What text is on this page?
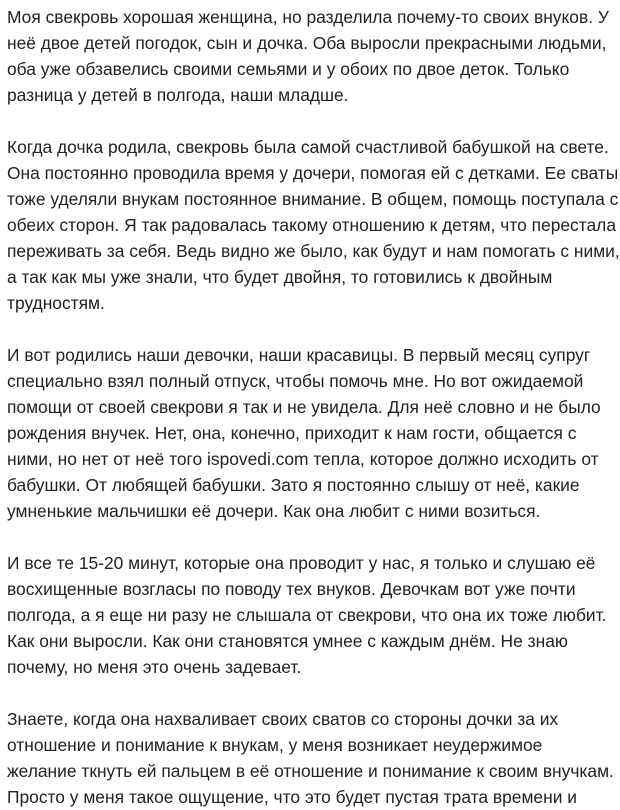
Моя свекровь хорошая женщина, но разделила почему-то своих внуков. У
неё двое детей погодок, сын и дочка. Оба выросли прекрасными людьми,
оба уже обзавелись своими семьями и у обоих по двое деток. Только
разница у детей в полгода, наши младше.

Когда дочка родила, свекровь была самой счастливой бабушкой на свете.
Она постоянно проводила время у дочери, помогая ей с детками. Ее сваты
тоже уделяли внукам постоянное внимание. В общем, помощь поступала с
обеих сторон. Я так радовалась такому отношению к детям, что перестала
переживать за себя. Ведь видно же было, как будут и нам помогать с ними,
а так как мы уже знали, что будет двойня, то готовились к двойным
трудностям.

И вот родились наши девочки, наши красавицы. В первый месяц супруг
специально взял полный отпуск, чтобы помочь мне. Но вот ожидаемой
помощи от своей свекрови я так и не увидела. Для неё словно и не было
рождения внучек. Нет, она, конечно, приходит к нам гости, общается с
ними, но нет от неё того ispovedi.com тепла, которое должно исходить от
бабушки. От любящей бабушки. Зато я постоянно слышу от неё, какие
умненькие мальчишки её дочери. Как она любит с ними возиться.

И все те 15-20 минут, которые она проводит у нас, я только и слушаю её
восхищенные возгласы по поводу тех внуков. Девочкам вот уже почти
полгода, а я еще ни разу не слышала от свекрови, что она их тоже любит.
Как они выросли. Как они становятся умнее с каждым днём. Не знаю
почему, но меня это очень задевает.

Знаете, когда она нахваливает своих сватов со стороны дочки за их
отношение и понимание к внукам, у меня возникает неудержимое
желание ткнуть ей пальцем в её отношение и понимание к своим внучкам.
Просто у меня такое ощущение, что это будет пустая трата времени и
